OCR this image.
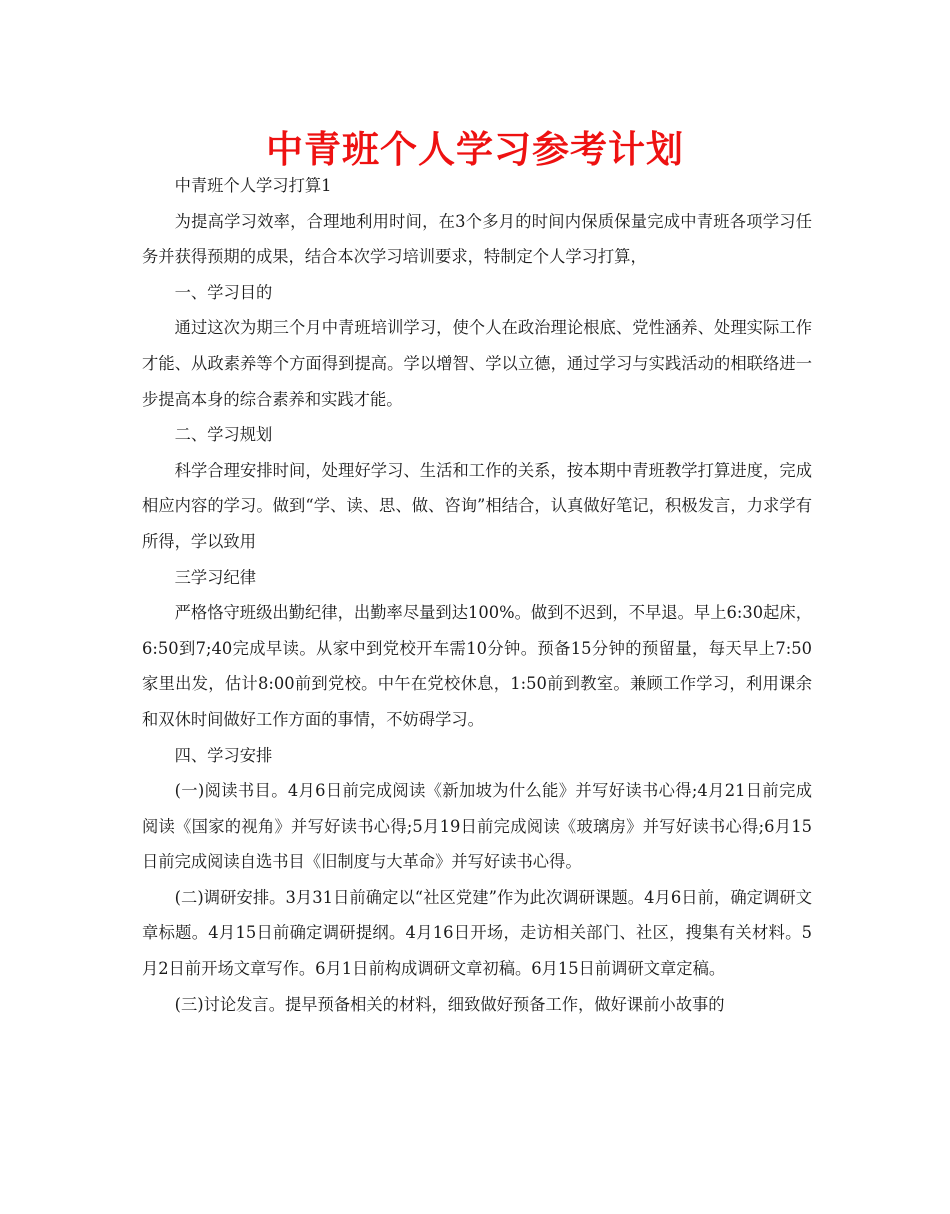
中青班个人学习参考计划

中青班个人学习打算1

为提高学习效率，合理地利用时间，在3个多月的时间内保质保量完成中青班各项学习任务并获得预期的成果，结合本次学习培训要求，特制定个人学习打算，

一、学习目的

通过这次为期三个月中青班培训学习，使个人在政治理论根底、党性涵养、处理实际工作才能、从政素养等个方面得到提高。学以增智、学以立德，通过学习与实践活动的相联络进一步提高本身的综合素养和实践才能。

二、学习规划

科学合理安排时间，处理好学习、生活和工作的关系，按本期中青班教学打算进度，完成相应内容的学习。做到“学、读、思、做、咨询”相结合，认真做好笔记，积极发言，力求学有所得，学以致用

三学习纪律

严格恪守班级出勤纪律，出勤率尽量到达100%。做到不迟到，不早退。早上6:30起床，6:50到7;40完成早读。从家中到党校开车需10分钟。预备15分钟的预留量，每天早上7:50家里出发，估计8:00前到党校。中午在党校休息，1:50前到教室。兼顾工作学习，利用课余和双休时间做好工作方面的事情，不妨碍学习。

四、学习安排

(一)阅读书目。4月6日前完成阅读《新加坡为什么能》并写好读书心得;4月21日前完成阅读《国家的视角》并写好读书心得;5月19日前完成阅读《玻璃房》并写好读书心得;6月15日前完成阅读自选书目《旧制度与大革命》并写好读书心得。

(二)调研安排。3月31日前确定以“社区党建”作为此次调研课题。4月6日前，确定调研文章标题。4月15日前确定调研提纲。4月16日开场，走访相关部门、社区，搜集有关材料。5月2日前开场文章写作。6月1日前构成调研文章初稿。6月15日前调研文章定稿。

(三)讨论发言。提早预备相关的材料，细致做好预备工作，做好课前小故事的
